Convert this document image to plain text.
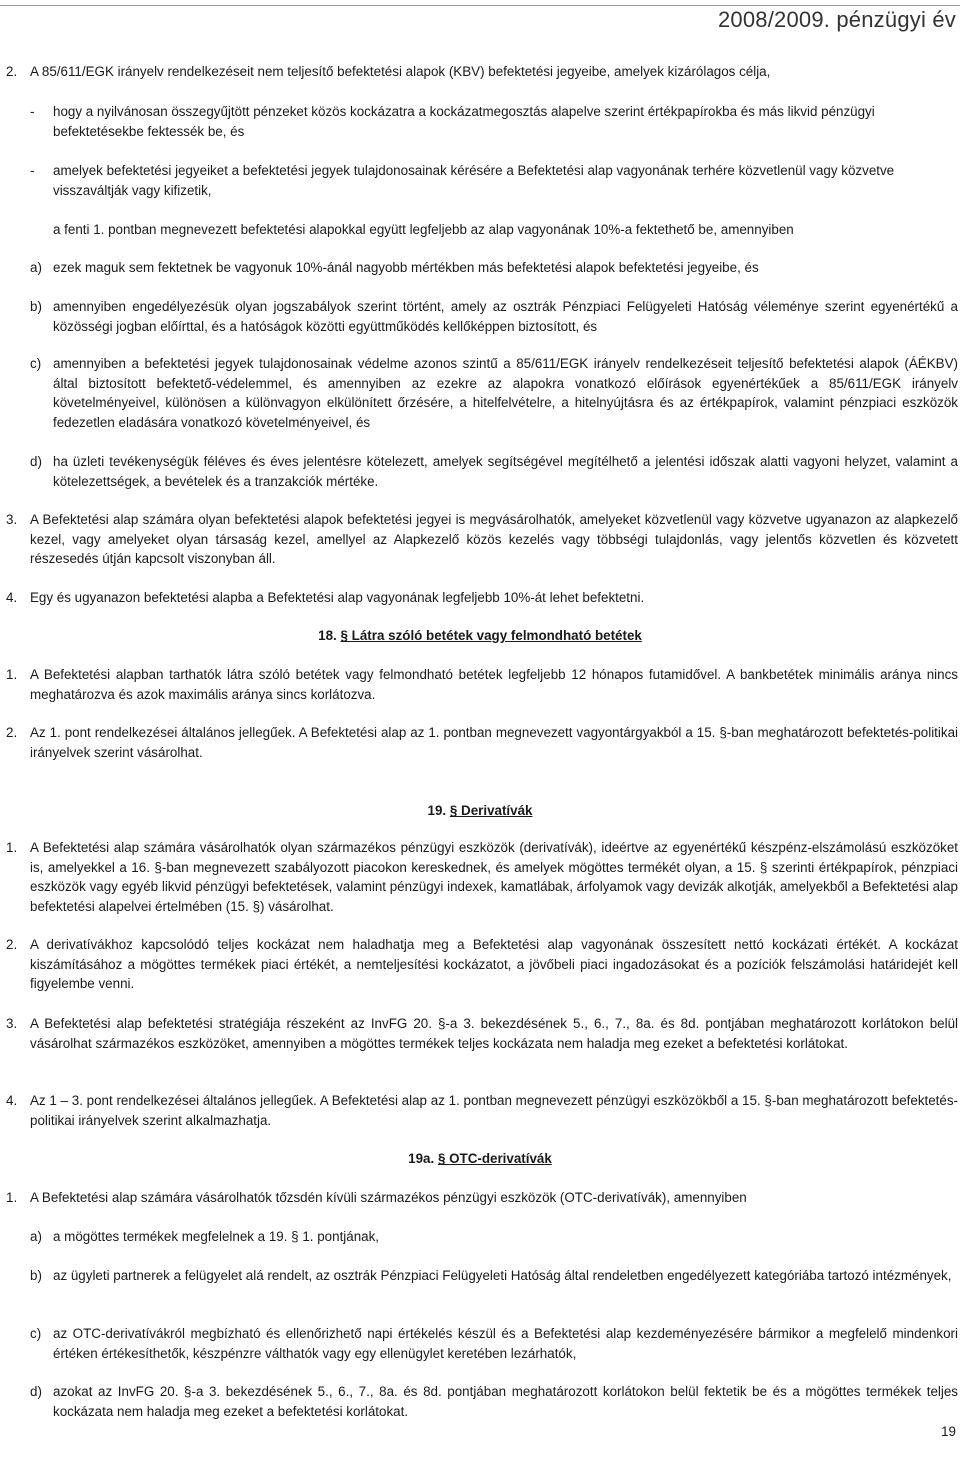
2008/2009. pénzügyi év
2. A 85/611/EGK irányelv rendelkezéseit nem teljesítő befektetési alapok (KBV) befektetési jegyeibe, amelyek kizárólagos célja,
- hogy a nyilvánosan összegyűjtött pénzeket közös kockázatra a kockázatmegosztás alapelve szerint értékpapírokba és más likvid pénzügyi befektetésekbe fektessék be, és
- amelyek befektetési jegyeiket a befektetési jegyek tulajdonosainak kérésére a Befektetési alap vagyonának terhére közvetlenül vagy közvetve visszaváltják vagy kifizetik,
a fenti 1. pontban megnevezett befektetési alapokkal együtt legfeljebb az alap vagyonának 10%-a fektethető be, amennyiben
a) ezek maguk sem fektetnek be vagyonuk 10%-ánál nagyobb mértékben más befektetési alapok befektetési jegyeibe, és
b) amennyiben engedélyezésük olyan jogszabályok szerint történt, amely az osztrák Pénzpiaci Felügyeleti Hatóság véleménye szerint egyenértékű a közösségi jogban előírttal, és a hatóságok közötti együttműködés kellőképpen biztosított, és
c) amennyiben a befektetési jegyek tulajdonosainak védelme azonos szintű a 85/611/EGK irányelv rendelkezéseit teljesítő befektetési alapok (ÁÉKBV) által biztosított befektető-védelemmel, és amennyiben az ezekre az alapokra vonatkozó előírások egyenértékűek a 85/611/EGK irányelv követelményeivel, különösen a különvagyon elkülönített őrzésére, a hitelfelvételre, a hitelnyújtásra és az értékpapírok, valamint pénzpiaci eszközök fedezetlen eladására vonatkozó követelményeivel, és
d) ha üzleti tevékenységük féléves és éves jelentésre kötelezett, amelyek segítségével megítélhető a jelentési időszak alatti vagyoni helyzet, valamint a kötelezettségek, a bevételek és a tranzakciók mértéke.
3. A Befektetési alap számára olyan befektetési alapok befektetési jegyei is megvásárolhatók, amelyeket közvetlenül vagy közvetve ugyanazon az alapkezelő kezel, vagy amelyeket olyan társaság kezel, amellyel az Alapkezelő közös kezelés vagy többségi tulajdonlás, vagy jelentős közvetlen és közvetett részesedés útján kapcsolt viszonyban áll.
4. Egy és ugyanazon befektetési alapba a Befektetési alap vagyonának legfeljebb 10%-át lehet befektetni.
18. § Látra szóló betétek vagy felmondható betétek
1. A Befektetési alapban tarthatók látra szóló betétek vagy felmondható betétek legfeljebb 12 hónapos futamidővel. A bankbetétek minimális aránya nincs meghatározva és azok maximális aránya sincs korlátozva.
2. Az 1. pont rendelkezései általános jellegűek. A Befektetési alap az 1. pontban megnevezett vagyontárgyakból a 15. §-ban meghatározott befektetés-politikai irányelvek szerint vásárolhat.
19. § Derivatívák
1. A Befektetési alap számára vásárolhatók olyan származékos pénzügyi eszközök (derivatívák), ideértve az egyenértékű készpénz-elszámolású eszközöket is, amelyekkel a 16. §-ban megnevezett szabályozott piacokon kereskednek, és amelyek mögöttes termékét olyan, a 15. § szerinti értékpapírok, pénzpiaci eszközök vagy egyéb likvid pénzügyi befektetések, valamint pénzügyi indexek, kamatlábak, árfolyamok vagy devizák alkotják, amelyekből a Befektetési alap befektetési alapelvei értelmében (15. §) vásárolhat.
2. A derivatívákhoz kapcsolódó teljes kockázat nem haladhatja meg a Befektetési alap vagyonának összesített nettó kockázati értékét. A kockázat kiszámításához a mögöttes termékek piaci értékét, a nemteljesítési kockázatot, a jövőbeli piaci ingadozásokat és a pozíciók felszámolási határidejét kell figyelembe venni.
3. A Befektetési alap befektetési stratégiája részeként az InvFG 20. §-a 3. bekezdésének 5., 6., 7., 8a. és 8d. pontjában meghatározott korlátokon belül vásárolhat származékos eszközöket, amennyiben a mögöttes termékek teljes kockázata nem haladja meg ezeket a befektetési korlátokat.
4. Az 1 – 3. pont rendelkezései általános jellegűek. A Befektetési alap az 1. pontban megnevezett pénzügyi eszközökből a 15. §-ban meghatározott befektetés-politikai irányelvek szerint alkalmazhatja.
19a. § OTC-derivatívák
1. A Befektetési alap számára vásárolhatók tőzsdén kívüli származékos pénzügyi eszközök (OTC-derivatívák), amennyiben
a) a mögöttes termékek megfelelnek a 19. § 1. pontjának,
b) az ügyleti partnerek a felügyelet alá rendelt, az osztrák Pénzpiaci Felügyeleti Hatóság által rendeletben engedélyezett kategóriába tartozó intézmények,
c) az OTC-derivatívákról megbízható és ellenőrizhető napi értékelés készül és a Befektetési alap kezdeményezésére bármikor a megfelelő mindenkori értéken értékesíthetők, készpénzre válthatók vagy egy ellenügylet keretében lezárhatók,
d) azokat az InvFG 20. §-a 3. bekezdésének 5., 6., 7., 8a. és 8d. pontjában meghatározott korlátokon belül fektetik be és a mögöttes termékek teljes kockázata nem haladja meg ezeket a befektetési korlátokat.
19
